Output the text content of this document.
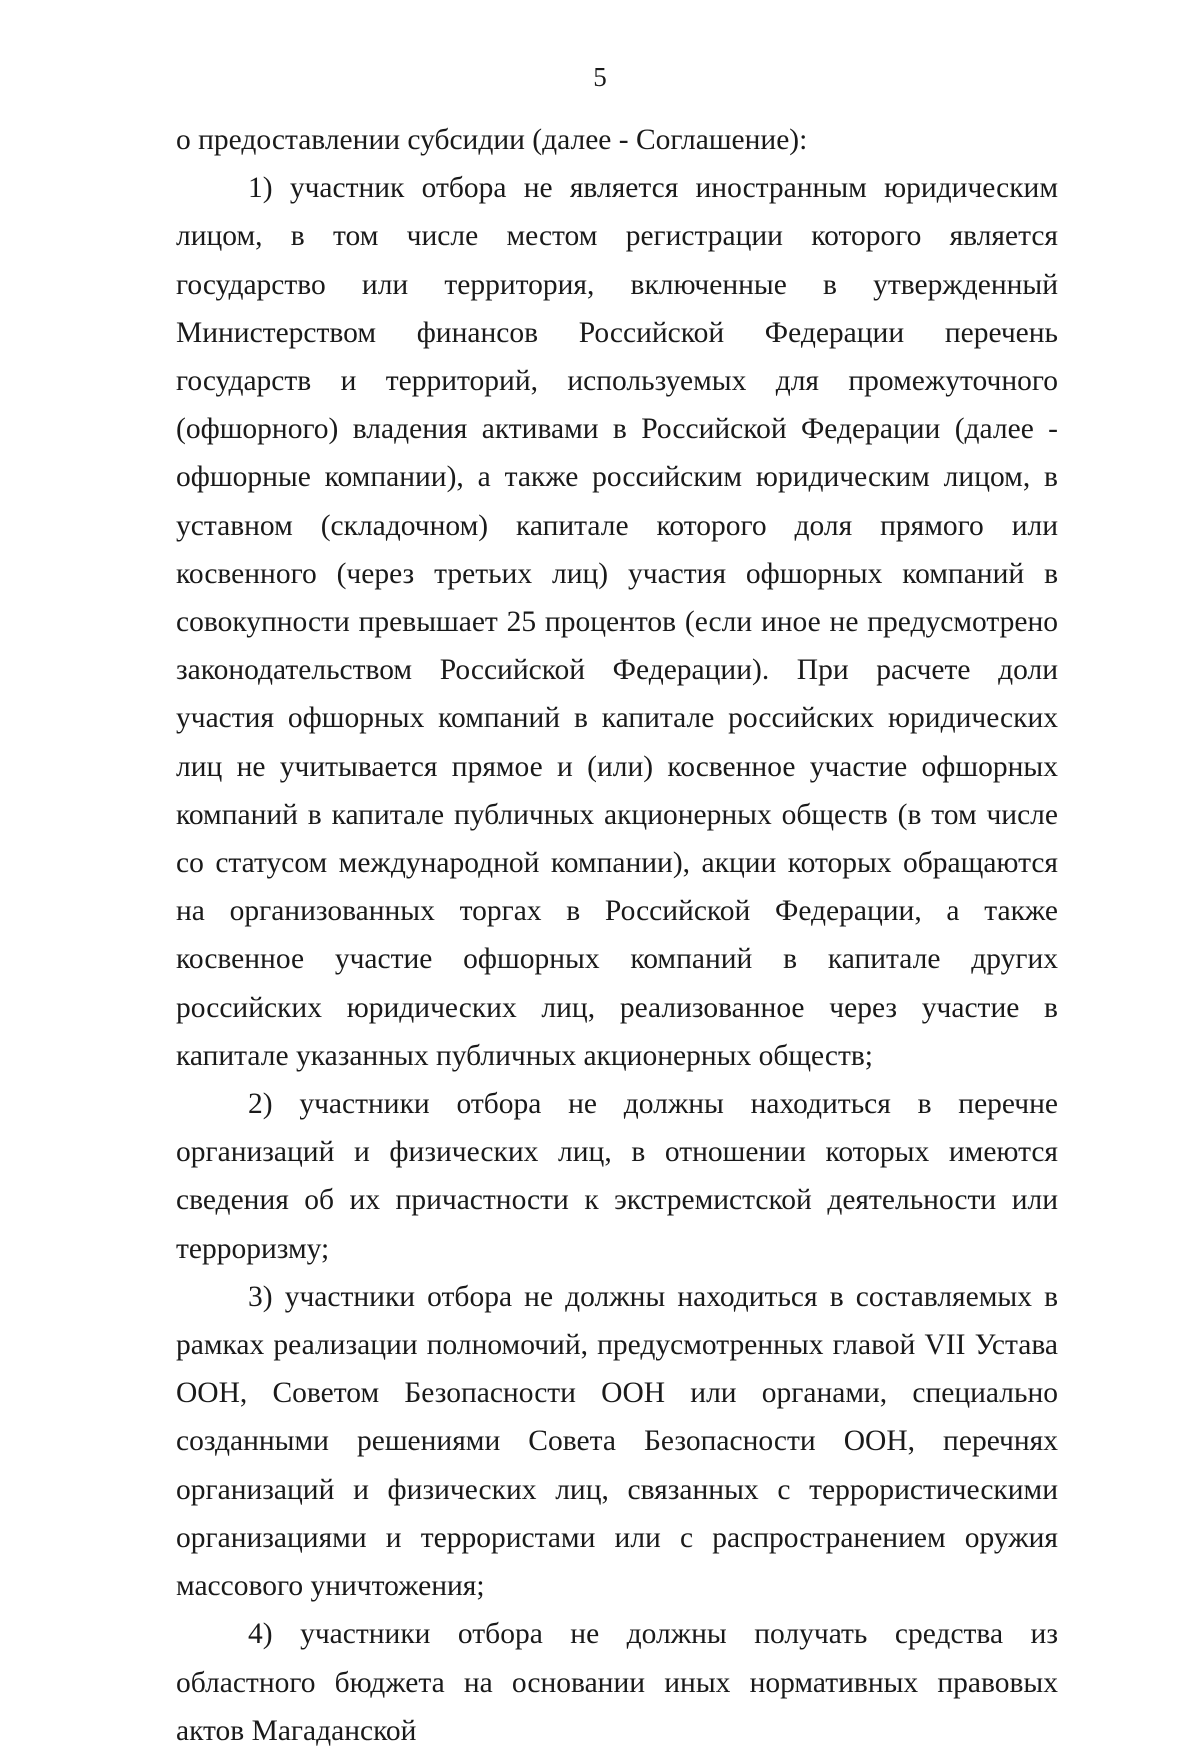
5

о предоставлении субсидии (далее - Соглашение):

1) участник отбора не является иностранным юридическим лицом, в том числе местом регистрации которого является государство или территория, включенные в утвержденный Министерством финансов Российской Федерации перечень государств и территорий, используемых для промежуточного (офшорного) владения активами в Российской Федерации (далее - офшорные компании), а также российским юридическим лицом, в уставном (складочном) капитале которого доля прямого или косвенного (через третьих лиц) участия офшорных компаний в совокупности превышает 25 процентов (если иное не предусмотрено законодательством Российской Федерации). При расчете доли участия офшорных компаний в капитале российских юридических лиц не учитывается прямое и (или) косвенное участие офшорных компаний в капитале публичных акционерных обществ (в том числе со статусом международной компании), акции которых обращаются на организованных торгах в Российской Федерации, а также косвенное участие офшорных компаний в капитале других российских юридических лиц, реализованное через участие в капитале указанных публичных акционерных обществ;

2) участники отбора не должны находиться в перечне организаций и физических лиц, в отношении которых имеются сведения об их причастности к экстремистской деятельности или терроризму;

3) участники отбора не должны находиться в составляемых в рамках реализации полномочий, предусмотренных главой VII Устава ООН, Советом Безопасности ООН или органами, специально созданными решениями Совета Безопасности ООН, перечнях организаций и физических лиц, связанных с террористическими организациями и террористами или с распространением оружия массового уничтожения;

4) участники отбора не должны получать средства из областного бюджета на основании иных нормативных правовых актов Магаданской
